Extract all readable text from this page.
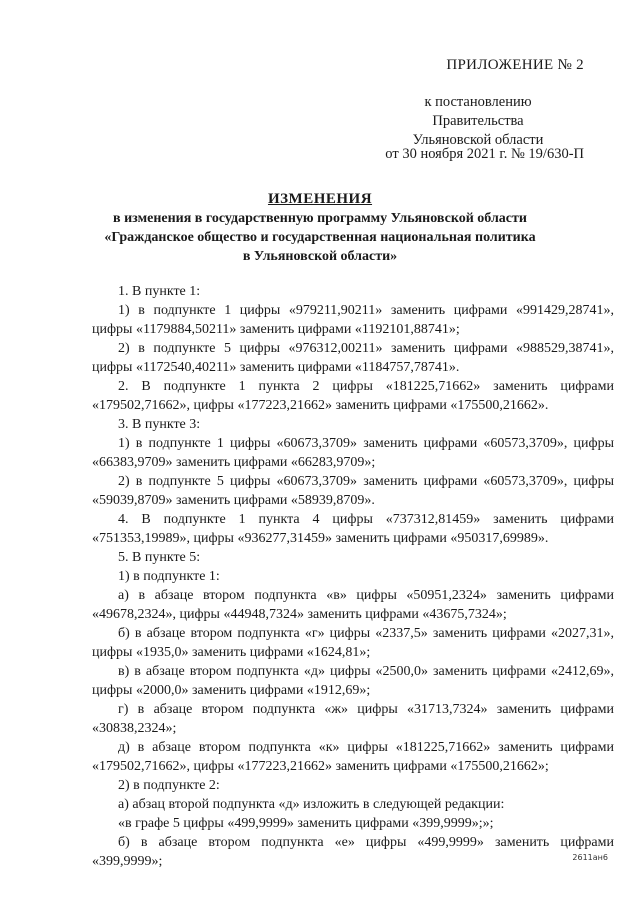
ПРИЛОЖЕНИЕ № 2
к постановлению Правительства
Ульяновской области
от 30 ноября 2021 г. № 19/630-П
ИЗМЕНЕНИЯ
в изменения в государственную программу Ульяновской области
«Гражданское общество и государственная национальная политика
в Ульяновской области»

1. В пункте 1:

1) в подпункте 1 цифры «979211,90211» заменить цифрами «991429,28741», цифры «1179884,50211» заменить цифрами «1192101,88741»;

2) в подпункте 5 цифры «976312,00211» заменить цифрами «988529,38741», цифры «1172540,40211» заменить цифрами «1184757,78741».

2. В подпункте 1 пункта 2 цифры «181225,71662» заменить цифрами «179502,71662», цифры «177223,21662» заменить цифрами «175500,21662».

3. В пункте 3:

1) в подпункте 1 цифры «60673,3709» заменить цифрами «60573,3709», цифры «66383,9709» заменить цифрами «66283,9709»;

2) в подпункте 5 цифры «60673,3709» заменить цифрами «60573,3709», цифры «59039,8709» заменить цифрами «58939,8709».

4. В подпункте 1 пункта 4 цифры «737312,81459» заменить цифрами «751353,19989», цифры «936277,31459» заменить цифрами «950317,69989».

5. В пункте 5:

1) в подпункте 1:

а) в абзаце втором подпункта «в» цифры «50951,2324» заменить цифрами «49678,2324», цифры «44948,7324» заменить цифрами «43675,7324»;

б) в абзаце втором подпункта «г» цифры «2337,5» заменить цифрами «2027,31», цифры «1935,0» заменить цифрами «1624,81»;

в) в абзаце втором подпункта «д» цифры «2500,0» заменить цифрами «2412,69», цифры «2000,0» заменить цифрами «1912,69»;

г) в абзаце втором подпункта «ж» цифры «31713,7324» заменить цифрами «30838,2324»;

д) в абзаце втором подпункта «к» цифры «181225,71662» заменить цифрами «179502,71662», цифры «177223,21662» заменить цифрами «175500,21662»;

2) в подпункте 2:

а) абзац второй подпункта «д» изложить в следующей редакции:

«в графе 5 цифры «499,9999» заменить цифрами «399,9999»;»;

б) в абзаце втором подпункта «е» цифры «499,9999» заменить цифрами «399,9999»;	2611ан6
